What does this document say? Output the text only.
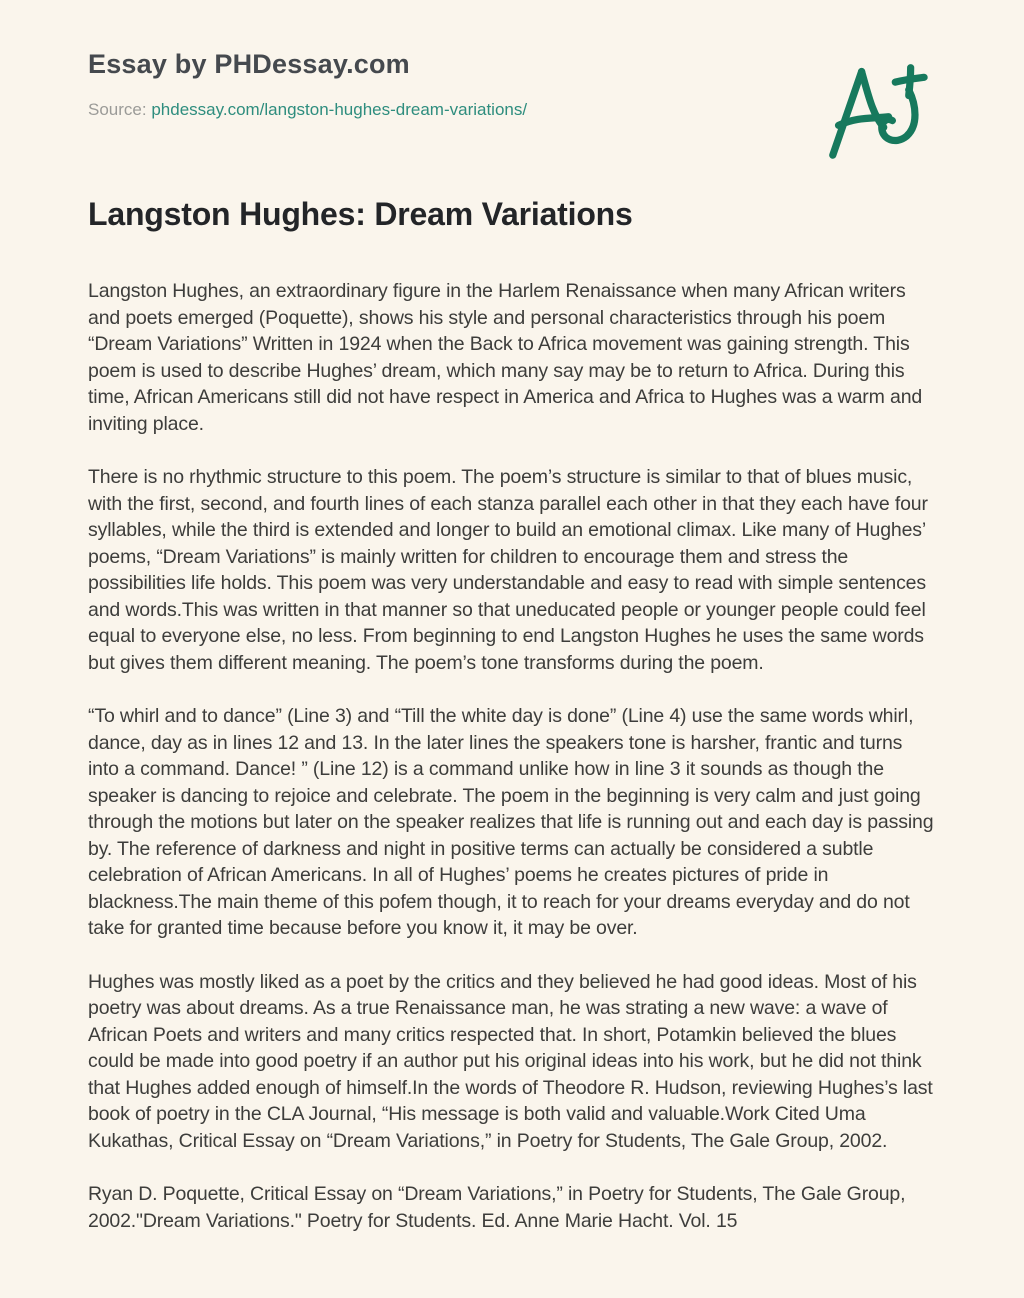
Essay by PHDessay.com
Source: phdessay.com/langston-hughes-dream-variations/
Langston Hughes: Dream Variations

Langston Hughes, an extraordinary figure in the Harlem Renaissance when many African writers and poets emerged (Poquette), shows his style and personal characteristics through his poem “Dream Variations” Written in 1924 when the Back to Africa movement was gaining strength. This poem is used to describe Hughes’ dream, which many say may be to return to Africa. During this time, African Americans still did not have respect in America and Africa to Hughes was a warm and inviting place.

There is no rhythmic structure to this poem. The poem’s structure is similar to that of blues music, with the first, second, and fourth lines of each stanza parallel each other in that they each have four syllables, while the third is extended and longer to build an emotional climax. Like many of Hughes’ poems, “Dream Variations” is mainly written for children to encourage them and stress the possibilities life holds. This poem was very understandable and easy to read with simple sentences and words.This was written in that manner so that uneducated people or younger people could feel equal to everyone else, no less. From beginning to end Langston Hughes he uses the same words but gives them different meaning. The poem’s tone transforms during the poem.

“To whirl and to dance” (Line 3) and “Till the white day is done” (Line 4) use the same words whirl, dance, day as in lines 12 and 13. In the later lines the speakers tone is harsher, frantic and turns into a command. Dance! ” (Line 12) is a command unlike how in line 3 it sounds as though the speaker is dancing to rejoice and celebrate. The poem in the beginning is very calm and just going through the motions but later on the speaker realizes that life is running out and each day is passing by. The reference of darkness and night in positive terms can actually be considered a subtle celebration of African Americans. In all of Hughes’ poems he creates pictures of pride in blackness.The main theme of this pofem though, it to reach for your dreams everyday and do not take for granted time because before you know it, it may be over.

Hughes was mostly liked as a poet by the critics and they believed he had good ideas. Most of his poetry was about dreams. As a true Renaissance man, he was strating a new wave: a wave of African Poets and writers and many critics respected that. In short, Potamkin believed the blues could be made into good poetry if an author put his original ideas into his work, but he did not think that Hughes added enough of himself.In the words of Theodore R. Hudson, reviewing Hughes’s last book of poetry in the CLA Journal, “His message is both valid and valuable.Work Cited Uma Kukathas, Critical Essay on “Dream Variations,” in Poetry for Students, The Gale Group, 2002.

Ryan D. Poquette, Critical Essay on “Dream Variations,” in Poetry for Students, The Gale Group, 2002."Dream Variations." Poetry for Students. Ed. Anne Marie Hacht. Vol. 15
